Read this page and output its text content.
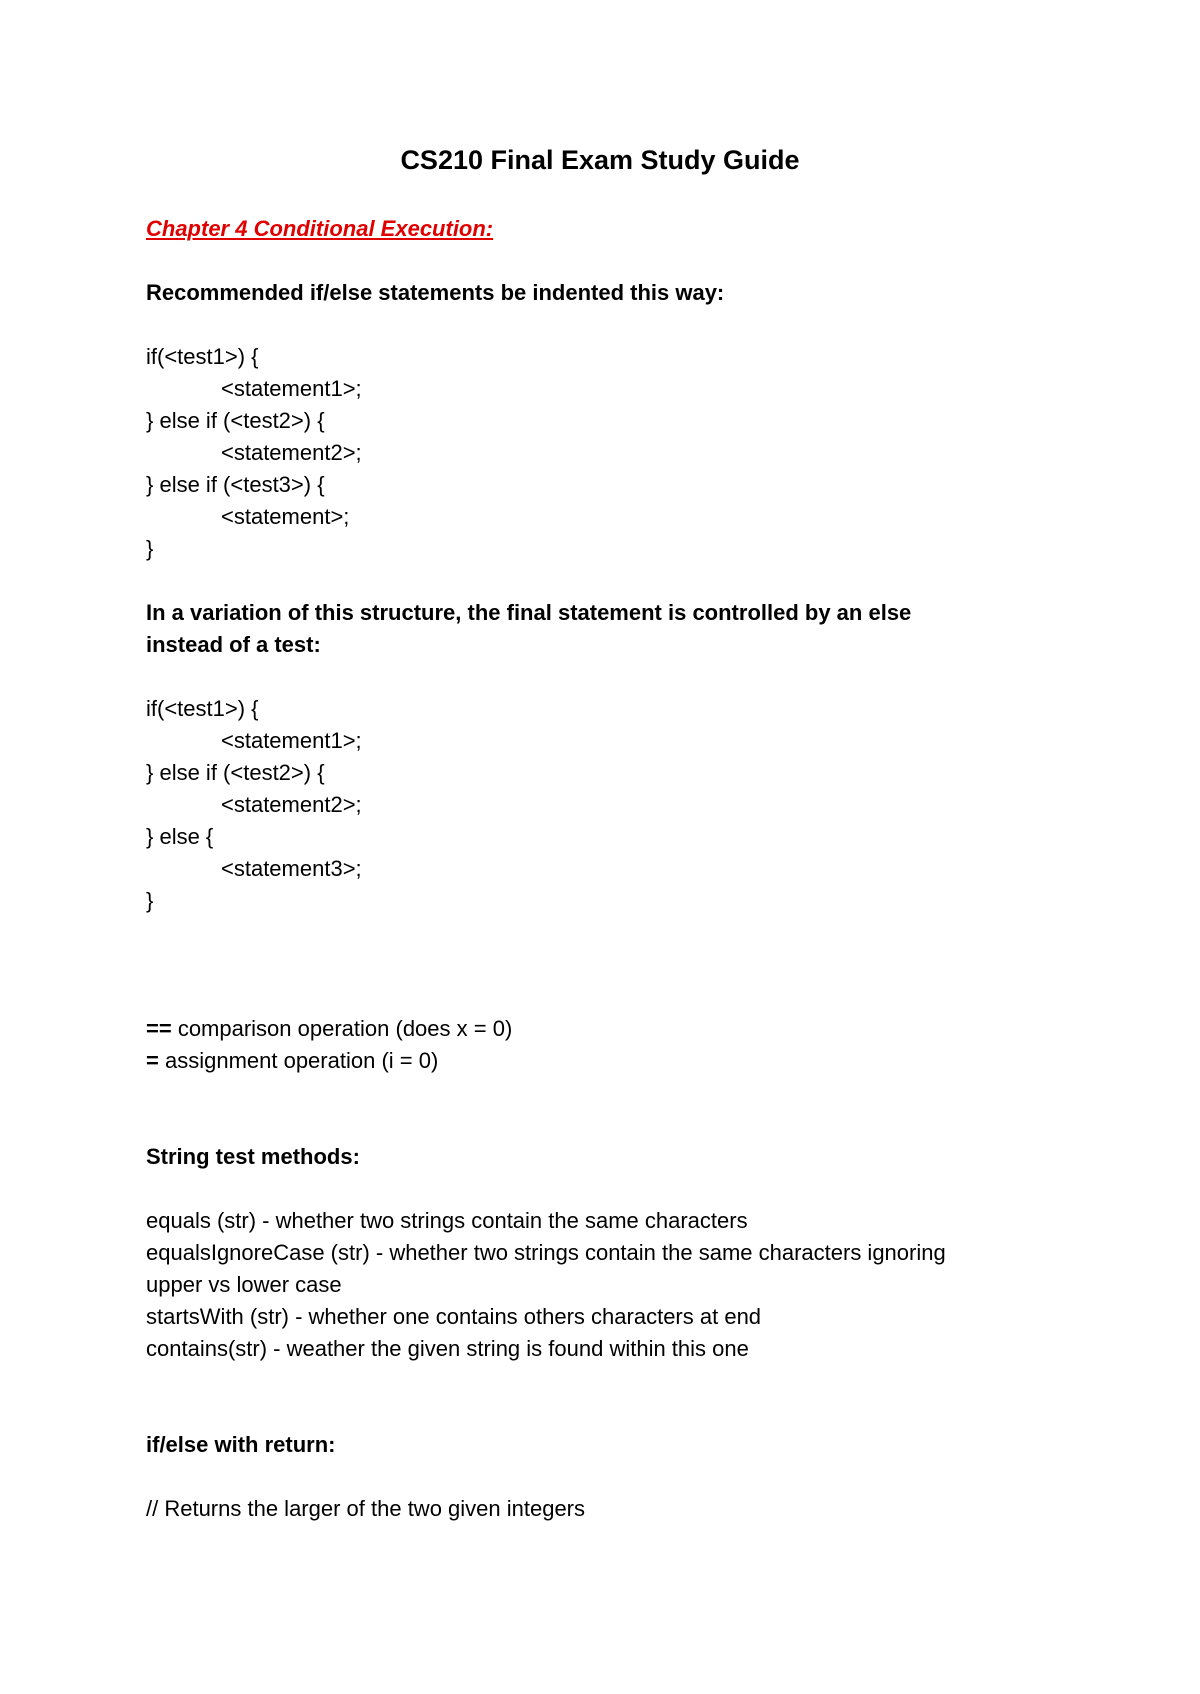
CS210 Final Exam Study Guide

Chapter 4 Conditional Execution:

Recommended if/else statements be indented this way:

if(<test1>) {

<statement1>;

} else if (<test2>) {

<statement2>;

} else if (<test3>) {

<statement>;

}

In a variation of this structure, the final statement is controlled by an else

instead of a test:

if(<test1>) {

<statement1>;

} else if (<test2>) {

<statement2>;

} else {

<statement3>;

}

== comparison operation (does x = 0)

= assignment operation (i = 0)

String test methods:

equals (str) - whether two strings contain the same characters

equalsIgnoreCase (str) - whether two strings contain the same characters ignoring

upper vs lower case

startsWith (str) - whether one contains others characters at end

contains(str) - weather the given string is found within this one

if/else with return:

// Returns the larger of the two given integers
